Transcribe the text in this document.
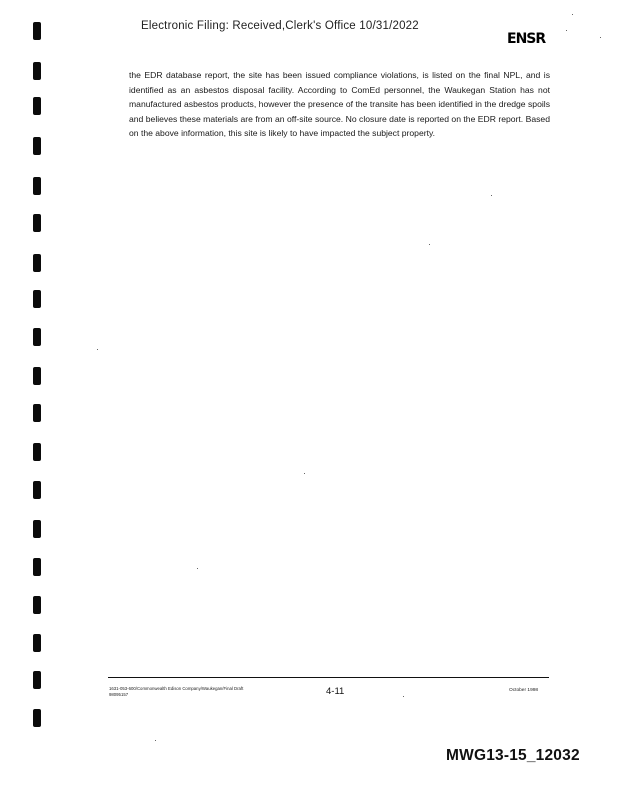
Electronic Filing: Received,Clerk's Office 10/31/2022
ENSR
the EDR database report, the site has been issued compliance violations, is listed on the final NPL, and is identified as an asbestos disposal facility. According to ComEd personnel, the Waukegan Station has not manufactured asbestos products, however the presence of the transite has been identified in the dredge spoils and believes these materials are from an off-site source. No closure date is reported on the EDR report. Based on the above information, this site is likely to have impacted the subject property.
1631-053-600/Commonwealth Edison Company/Waukegan/Final Draft
98095157	4-11	October 1998
MWG13-15_12032
